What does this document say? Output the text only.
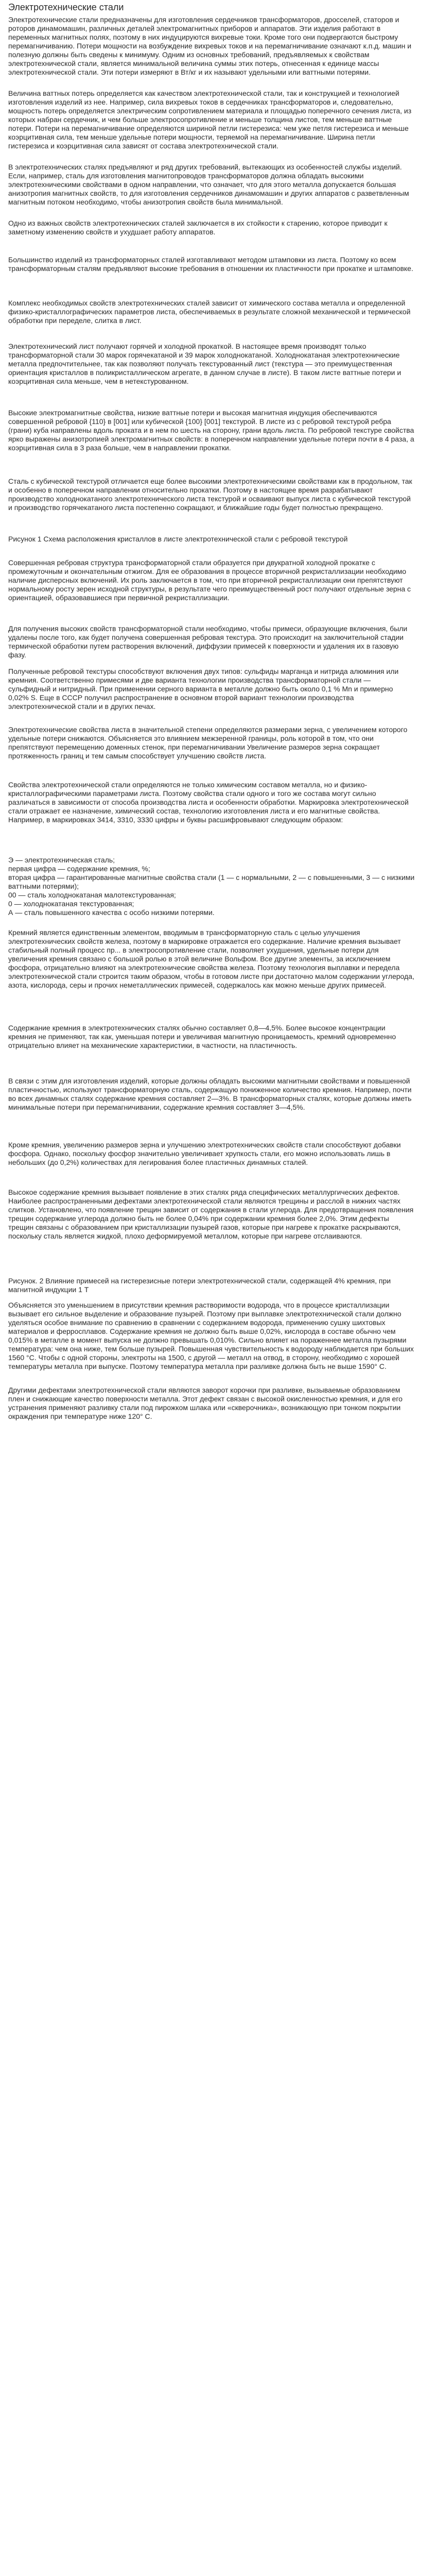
Электротехнические стали

Электротехнические стали предназначены для изготовления сердечников трансформаторов, дросселей, статоров и роторов динамомашин, различных деталей электромагнитных приборов и аппаратов. Эти изделия работают в переменных магнитных полях, поэтому в них индуцируются вихревые токи. Кроме того они подвергаются быстрому перемагничиванию. Потери мощности на возбуждение вихревых токов и на перемагничивание означают к.п.д. машин и полезную должны быть сведены к минимуму. Одним из основных требований, предъявляемых к свойствам электротехнической стали, является минимальной величина суммы этих потерь, отнесенная к единице массы электротехнической стали. Эти потери измеряют в Вт/кг и их называют удельными или ваттными потерями.

Величина ваттных потерь определяется как качеством электротехнической стали, так и конструкцией и технологией изготовления изделий из нее. Например, сила вихревых токов в сердечниках трансформаторов и, следовательно, мощность потерь определяется электрическим сопротивлением материала и площадью поперечного сечения листа, из которых набран сердечник, и чем больше электросопротивление и меньше толщина листов, тем меньше ваттные потери. Потери на перемагничивание определяются шириной петли гистерезиса: чем уже петля гистерезиса и меньше коэрцитивная сила, тем меньше удельные потери мощности, теряемой на перемагничивание. Ширина петли гистерезиса и коэрцитивная сила зависят от состава электротехнической стали.

В электротехнических сталях предъявляют и ряд других требований, вытекающих из особенностей службы изделий. Если, например, сталь для изготовления магнитопроводов трансформаторов должна обладать высокими электротехническими свойствами в одном направлении, что означает, что для этого металла допускается большая анизотропия магнитных свойств, то для изготовления сердечников динамомашин и других аппаратов с разветвленным магнитным потоком необходимо, чтобы анизотропия свойств была минимальной.

Одно из важных свойств электротехнических сталей заключается в их стойкости к старению, которое приводит к заметному изменению свойств и ухудшает работу аппаратов.

Большинство изделий из трансформаторных сталей изготавливают методом штамповки из листа. Поэтому ко всем трансформаторным сталям предъявляют высокие требования в отношении их пластичности при прокатке и штамповке.

Комплекс необходимых свойств электротехнических сталей зависит от химического состава металла и определенной физико-кристаллографических параметров листа, обеспечиваемых в результате сложной механической и термической обработки при переделе, слитка в лист.

Электротехнический лист получают горячей и холодной прокаткой. В настоящее время производят только трансформаторной стали 30 марок горячекатаной и 39 марок холоднокатаной. Холоднокатаная электротехнические металла предпочтительнее, так как позволяют получать текстурованный лист (текстура — это преимущественная ориентация кристаллов в поликристаллическом агрегате, в данном случае в листе). В таком листе ваттные потери и коэрцитивная сила меньше, чем в нетекстурованном.

Высокие электромагнитные свойства, низкие ваттные потери и высокая магнитная индукция обеспечиваются совершенной ребровой {110} в [001] или кубической {100} [001] текстурой. В листе из с ребровой текстурой ребра (грани) куба направлены вдоль проката и в нем по шесть на сторону, грани вдоль листа. По ребровой текстуре свойства ярко выражены анизотропией электромагнитных свойств: в поперечном направлении удельные потери почти в 4 раза, а коэрцитивная сила в 3 раза больше, чем в направлении прокатки.

Сталь с кубической текстурой отличается еще более высокими электротехническими свойствами как в продольном, так и особенно в поперечном направлении относительно прокатки. Поэтому в настоящее время разрабатывают производство холоднокатаного электротехнического листа текстурой и осваивают выпуск листа с кубической текстурой и производство горячекатаного листа постепенно сокращают, и ближайшие годы будет полностью прекращено.

Рисунок 1 Схема расположения кристаллов в листе электротехнической стали с ребровой текстурой

Совершенная ребровая структура трансформаторной стали образуется при двукратной холодной прокатке с промежуточным и окончательным отжигом. Для ее образования в процессе вторичной рекристаллизации необходимо наличие дисперсных включений. Их роль заключается в том, что при вторичной рекристаллизации они препятствуют нормальному росту зерен исходной структуры, в результате чего преимущественный рост получают отдельные зерна с ориентацией, образовавшиеся при первичной рекристаллизации.

Для получения высоких свойств трансформаторной стали необходимо, чтобы примеси, образующие включения, были удалены после того, как будет получена совершенная ребровая текстура. Это происходит на заключительной стадии термической обработки путем растворения включений, диффузии примесей к поверхности и удаления их в газовую фазу.

Полученные ребровой текстуры способствуют включения двух типов: сульфиды марганца и нитрида алюминия или кремния. Соответственно примесями и две варианта технологии производства трансформаторной стали — сульфидный и нитридный. При применении серного варианта в металле должно быть около 0,1 % Mn и примерно 0,02% S. Еще в СССР получил распространение в основном второй вариант технологии производства электротехнической стали и в других печах.

Электротехнические свойства листа в значительной степени определяются размерами зерна, с увеличением которого удельные потери снижаются. Объясняется это влиянием межзеренной границы, роль которой в том, что они препятствуют перемещению доменных стенок, при перемагничивании Увеличение размеров зерна сокращает протяженность границ и тем самым способствует улучшению свойств листа.

Свойства электротехнической стали определяются не только химическим составом металла, но и физико-кристаллографическими параметрами листа. Поэтому свойства стали одного и того же состава могут сильно различаться в зависимости от способа производства листа и особенности обработки. Маркировка электротехнической стали отражает ее назначение, химический состав, технологию изготовления листа и его магнитные свойства. Например, в маркировках 3414, 3310, 3330 цифры и буквы расшифровывают следующим образом:

Э — электротехническая сталь;

первая цифра — содержание кремния, %;

вторая цифра — гарантированные магнитные свойства стали (1 — с нормальными, 2 — с повышенными, 3 — с низкими ваттными потерями);

00 — сталь холоднокатаная малотекстурованная;

0 — холоднокатаная текстурованная;

А — сталь повышенного качества с особо низкими потерями.

Кремний является единственным элементом, вводимым в трансформаторную сталь с целью улучшения электротехнических свойств железа, поэтому в маркировке отражается его содержание. Наличие кремния вызывает стабильный полный процесс пр... в электросопротивление стали, позволяет ухудшения, удельные потери для увеличения кремния связано с большой ролью в этой величине Вольфом. Все другие элементы, за исключением фосфора, отрицательно влияют на электротехнические свойства железа. Поэтому технология выплавки и передела электротехнической стали строится таким образом, чтобы в готовом листе при достаточно малом содержании углерода, азота, кислорода, серы и прочих неметаллических примесей, содержалось как можно меньше других примесей.

Содержание кремния в электротехнических сталях обычно составляет 0,8—4,5%. Более высокое концентрации кремния не применяют, так как, уменьшая потери и увеличивая магнитную проницаемость, кремний одновременно отрицательно влияет на механические характеристики, в частности, на пластичность.

В связи с этим для изготовления изделий, которые должны обладать высокими магнитными свойствами и повышенной пластичностью, используют трансформаторную сталь, содержащую пониженное количество кремния. Например, почти во всех динамных сталях содержание кремния составляет 2—3%. В трансформаторных сталях, которые должны иметь минимальные потери при перемагничивании, содержание кремния составляет 3—4,5%.

Кроме кремния, увеличению размеров зерна и улучшению электротехнических свойств стали способствуют добавки фосфора. Однако, поскольку фосфор значительно увеличивает хрупкость стали, его можно использовать лишь в небольших (до 0,2%) количествах для легирования более пластичных динамных сталей.

Высокое содержание кремния вызывает появление в этих сталях ряда специфических металлургических дефектов. Наиболее распространенными дефектами электротехнической стали являются трещины и расслой в нижних частях слитков. Установлено, что появление трещин зависит от содержания в стали углерода. Для предотвращения появления трещин содержание углерода должно быть не более 0,04% при содержании кремния более 2,0%. Этим дефекты трещин связаны с образованием при кристаллизации пузырей газов, которые при нагреве к прокатке раскрываются, поскольку сталь является жидкой, плохо деформируемой металлом, которые при нагреве отслаиваются.

Рисунок. 2 Влияние примесей на гистерезисные потери электротехнической стали, содержащей 4% кремния, при магнитной индукции 1 Т

Объясняется это уменьшением в присутствии кремния растворимости водорода, что в процессе кристаллизации вызывает его сильное выделение и образование пузырей. Поэтому при выплавке электротехнической стали должно уделяться особое внимание по сравнению в сравнении с содержанием водорода, применению сушку шихтовых материалов и ферросплавов. Содержание кремния не должно быть выше 0,02%, кислорода в составе обычно чем 0,015% в металле в момент выпуска не должно превышать 0,010%. Сильно влияет на пораженнее металла пузырями температура: чем она ниже, тем больше пузырей. Повышенная чувствительность к водороду наблюдается при больших 1560 °С. Чтобы с одной стороны, электроты на 1500, с другой — металл на отвод, в сторону, необходимо с хорошей температуры металла при выпуске. Поэтому температура металла при разливке должна быть не выше 1590° С.

Другими дефектами электротехнической стали являются заворот корочки при разливке, вызываемые образованием плен и снижающие качество поверхности металла. Этот дефект связан с высокой окисленностью кремния, и для его устранения применяют разливку стали под пирожком шлака или «скверочника», возникающую при тонком покрытии окраждения при температуре ниже 120° С.
